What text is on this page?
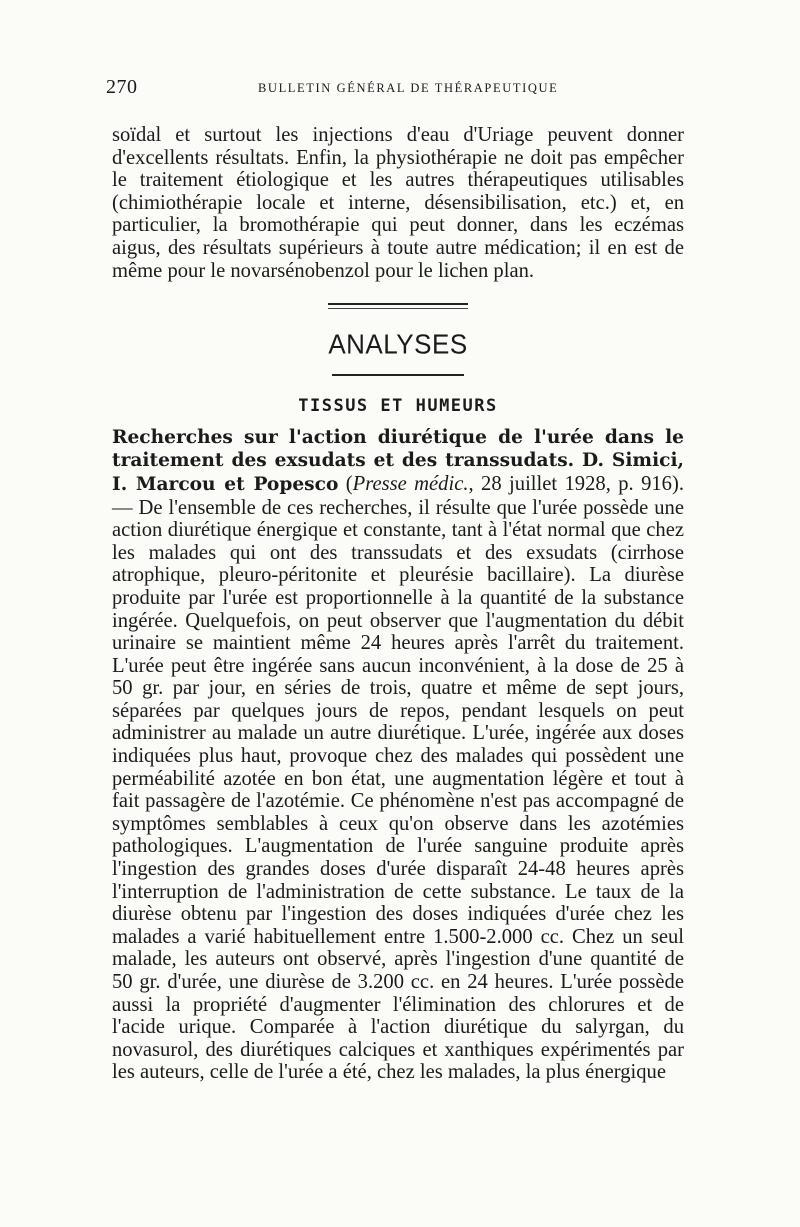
270	BULLETIN GÉNÉRAL DE THÉRAPEUTIQUE

soïdal et surtout les injections d'eau d'Uriage peuvent donner d'excellents résultats. Enfin, la physiothérapie ne doit pas empêcher le traitement étiologique et les autres thérapeutiques utilisables (chimiothérapie locale et interne, désensibilisation, etc.) et, en particulier, la bromothérapie qui peut donner, dans les eczémas aigus, des résultats supérieurs à toute autre médication; il en est de même pour le novarsénobenzol pour le lichen plan.

ANALYSES
TISSUS ET HUMEURS

Recherches sur l'action diurétique de l'urée dans le traitement des exsudats et des transsudats. D. Simici, I. Marcou et Popesco (Presse médic., 28 juillet 1928, p. 916). — De l'ensemble de ces recherches, il résulte que l'urée possède une action diurétique énergique et constante, tant à l'état normal que chez les malades qui ont des transsudats et des exsudats (cirrhose atrophique, pleuro-péritonite et pleurésie bacillaire). La diurèse produite par l'urée est proportionnelle à la quantité de la substance ingérée. Quelquefois, on peut observer que l'augmentation du débit urinaire se maintient même 24 heures après l'arrêt du traitement. L'urée peut être ingérée sans aucun inconvénient, à la dose de 25 à 50 gr. par jour, en séries de trois, quatre et même de sept jours, séparées par quelques jours de repos, pendant lesquels on peut administrer au malade un autre diurétique. L'urée, ingérée aux doses indiquées plus haut, provoque chez des malades qui possèdent une perméabilité azotée en bon état, une augmentation légère et tout à fait passagère de l'azotémie. Ce phénomène n'est pas accompagné de symptômes semblables à ceux qu'on observe dans les azotémies pathologiques. L'augmentation de l'urée sanguine produite après l'ingestion des grandes doses d'urée disparaît 24-48 heures après l'interruption de l'administration de cette substance. Le taux de la diurèse obtenu par l'ingestion des doses indiquées d'urée chez les malades a varié habituellement entre 1.500-2.000 cc. Chez un seul malade, les auteurs ont observé, après l'ingestion d'une quantité de 50 gr. d'urée, une diurèse de 3.200 cc. en 24 heures. L'urée possède aussi la propriété d'augmenter l'élimination des chlorures et de l'acide urique. Comparée à l'action diurétique du salyrgan, du novasurol, des diurétiques calciques et xanthiques expérimentés par les auteurs, celle de l'urée a été, chez les malades, la plus énergique
